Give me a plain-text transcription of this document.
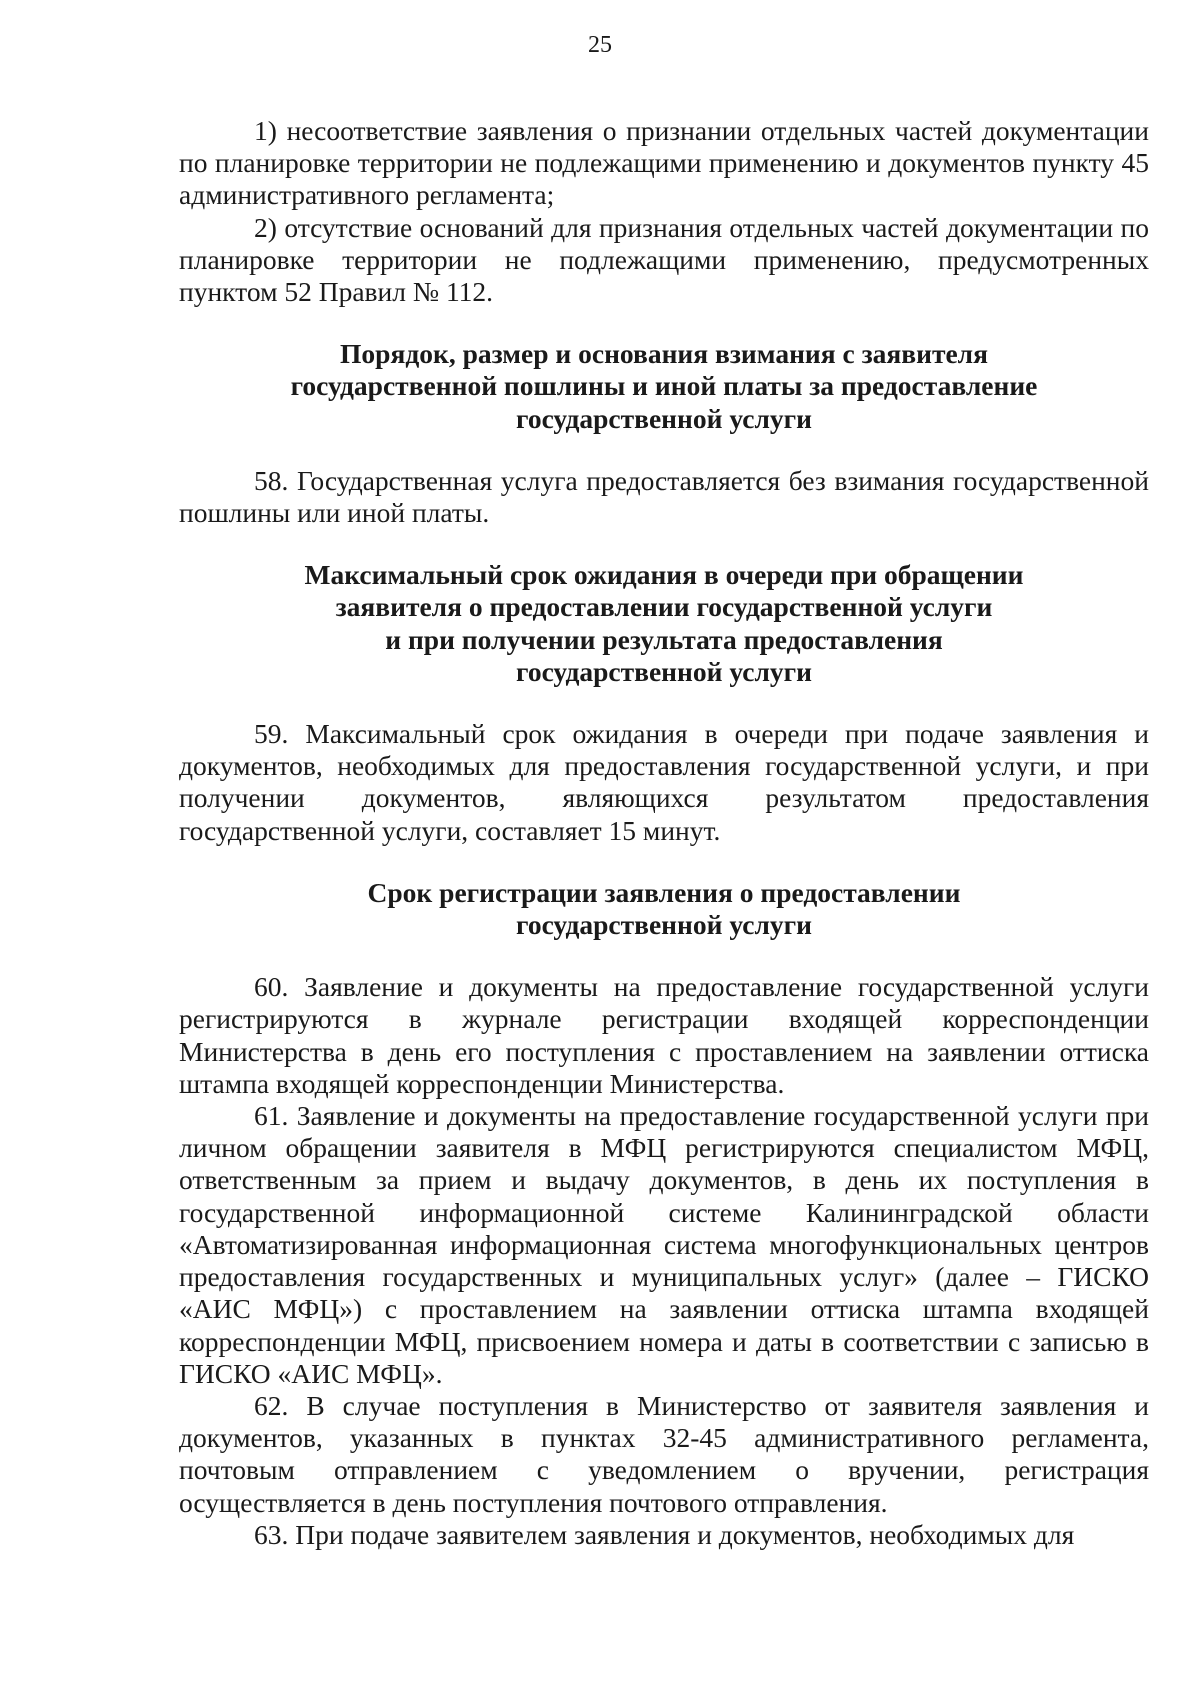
25

1) несоответствие заявления о признании отдельных частей документации по планировке территории не подлежащими применению и документов пункту 45 административного регламента;

2) отсутствие оснований для признания отдельных частей документации по планировке территории не подлежащими применению, предусмотренных пунктом 52 Правил № 112.

Порядок, размер и основания взимания с заявителя
государственной пошлины и иной платы за предоставление
государственной услуги

58. Государственная услуга предоставляется без взимания государственной пошлины или иной платы.

Максимальный срок ожидания в очереди при обращении
заявителя о предоставлении государственной услуги
и при получении результата предоставления
государственной услуги

59. Максимальный срок ожидания в очереди при подаче заявления и документов, необходимых для предоставления государственной услуги, и при получении документов, являющихся результатом предоставления государственной услуги, составляет 15 минут.

Срок регистрации заявления о предоставлении
государственной услуги

60. Заявление и документы на предоставление государственной услуги регистрируются в журнале регистрации входящей корреспонденции Министерства в день его поступления с проставлением на заявлении оттиска штампа входящей корреспонденции Министерства.

61. Заявление и документы на предоставление государственной услуги при личном обращении заявителя в МФЦ регистрируются специалистом МФЦ, ответственным за прием и выдачу документов, в день их поступления в государственной информационной системе Калининградской области «Автоматизированная информационная система многофункциональных центров предоставления государственных и муниципальных услуг» (далее – ГИСКО «АИС МФЦ») с проставлением на заявлении оттиска штампа входящей корреспонденции МФЦ, присвоением номера и даты в соответствии с записью в ГИСКО «АИС МФЦ».

62. В случае поступления в Министерство от заявителя заявления и документов, указанных в пунктах 32-45 административного регламента, почтовым отправлением с уведомлением о вручении, регистрация осуществляется в день поступления почтового отправления.

63. При подаче заявителем заявления и документов, необходимых для
